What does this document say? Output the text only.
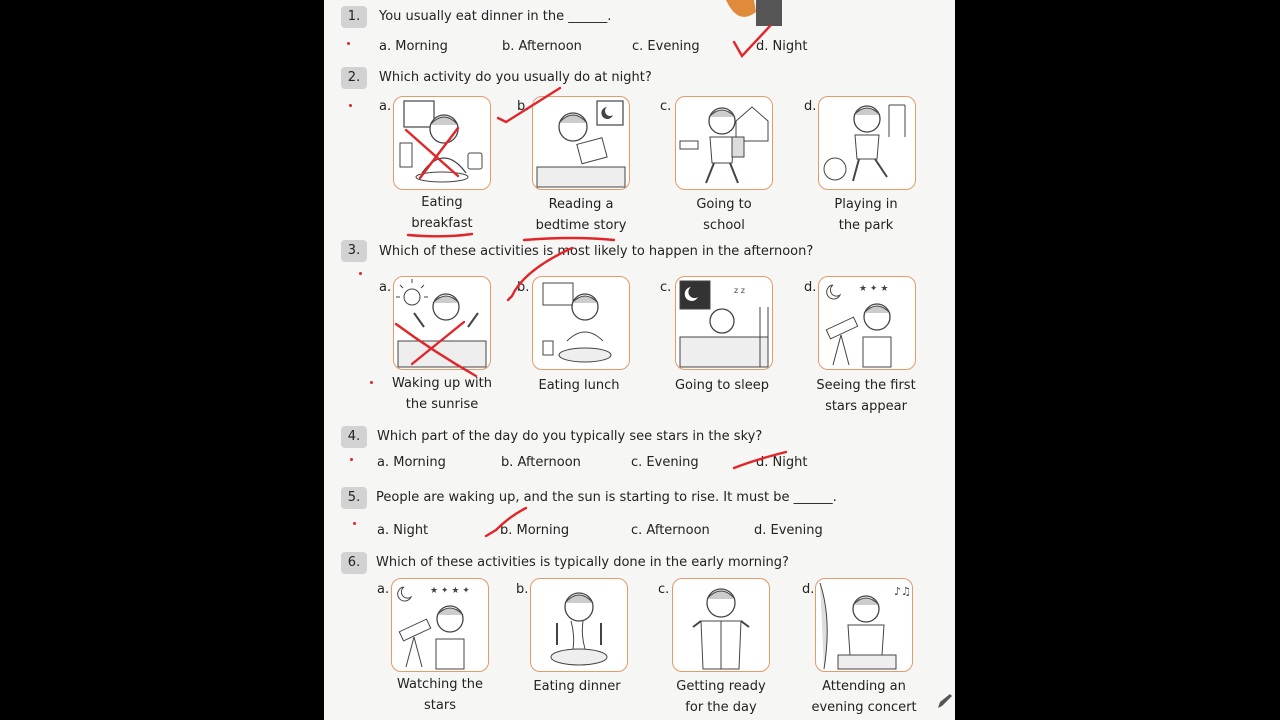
1.	You usually eat dinner in the ______.
a. Morning	b. Afternoon	c. Evening	d. Night
2.	Which activity do you usually do at night?
a.	b.	c.	d.
Eating
breakfast
Reading a
bedtime story
Going to
school
Playing in
the park
3.	Which of these activities is most likely to happen in the afternoon?
a.	b.	c.	d.
z z	★ ✦ ★
Waking up with
the sunrise
Eating lunch	Going to sleep	Seeing the first
stars appear
4.	Which part of the day do you typically see stars in the sky?
a. Morning	b. Afternoon	c. Evening	d. Night
5.	People are waking up, and the sun is starting to rise. It must be ______.
a. Night	b. Morning	c. Afternoon	d. Evening
6.	Which of these activities is typically done in the early morning?
a.	b.	c.	d.
★ ✦ ★ ✦	♪♫
Watching the
stars
Eating dinner	Getting ready
for the day
Attending an
evening concert
